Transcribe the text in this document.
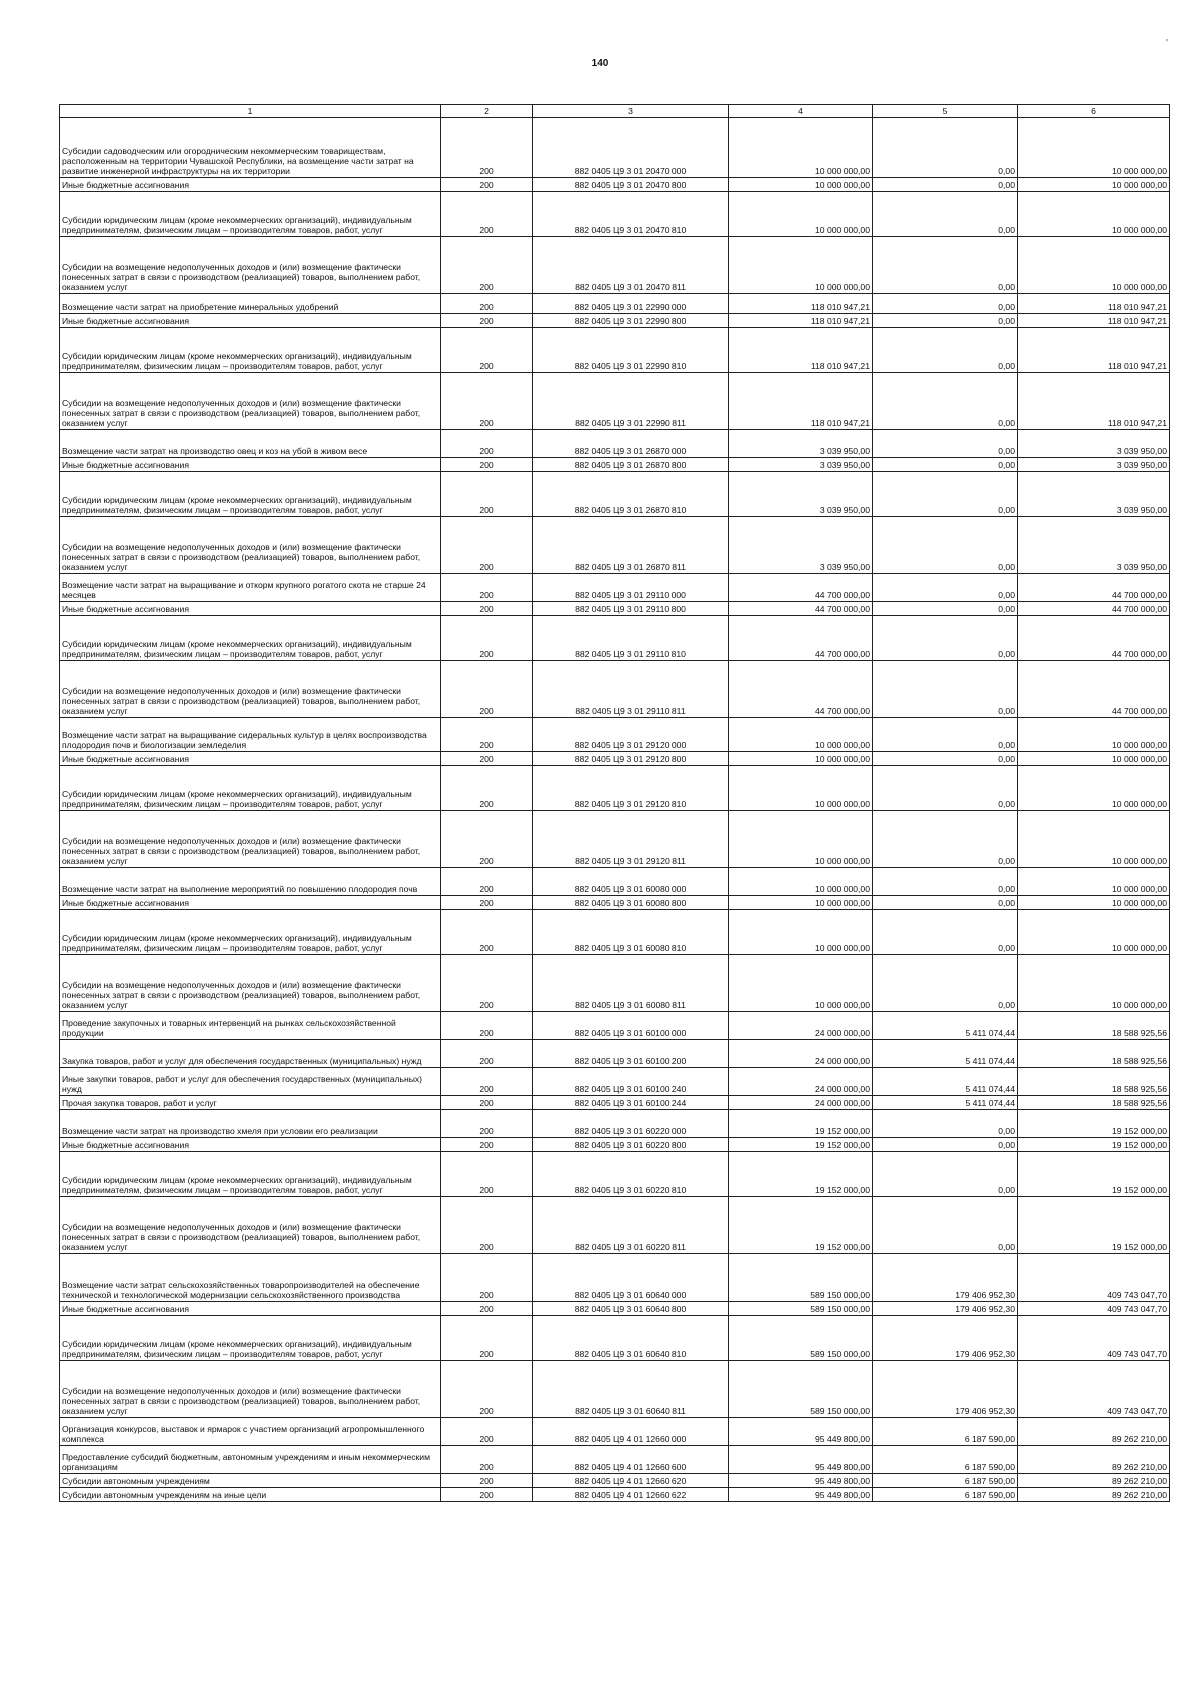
140
'
1	2	3	4	5	6
Субсидии садоводческим или огородническим некоммерческим товариществам, расположенным на территории Чувашской Республики, на возмещение части затрат на развитие инженерной инфраструктуры на их территории	200	882 0405 Ц9 3 01 20470 000	10 000 000,00	0,00	10 000 000,00
Иные бюджетные ассигнования	200	882 0405 Ц9 3 01 20470 800	10 000 000,00	0,00	10 000 000,00
Субсидии юридическим лицам (кроме некоммерческих организаций), индивидуальным предпринимателям, физическим лицам – производителям товаров, работ, услуг	200	882 0405 Ц9 3 01 20470 810	10 000 000,00	0,00	10 000 000,00
Субсидии на возмещение недополученных доходов и (или) возмещение фактически понесенных затрат в связи с производством (реализацией) товаров, выполнением работ, оказанием услуг	200	882 0405 Ц9 3 01 20470 811	10 000 000,00	0,00	10 000 000,00
Возмещение части затрат на приобретение минеральных удобрений	200	882 0405 Ц9 3 01 22990 000	118 010 947,21	0,00	118 010 947,21
Иные бюджетные ассигнования	200	882 0405 Ц9 3 01 22990 800	118 010 947,21	0,00	118 010 947,21
Субсидии юридическим лицам (кроме некоммерческих организаций), индивидуальным предпринимателям, физическим лицам – производителям товаров, работ, услуг	200	882 0405 Ц9 3 01 22990 810	118 010 947,21	0,00	118 010 947,21
Субсидии на возмещение недополученных доходов и (или) возмещение фактически понесенных затрат в связи с производством (реализацией) товаров, выполнением работ, оказанием услуг	200	882 0405 Ц9 3 01 22990 811	118 010 947,21	0,00	118 010 947,21
Возмещение части затрат на производство овец и коз на убой в живом весе	200	882 0405 Ц9 3 01 26870 000	3 039 950,00	0,00	3 039 950,00
Иные бюджетные ассигнования	200	882 0405 Ц9 3 01 26870 800	3 039 950,00	0,00	3 039 950,00
Субсидии юридическим лицам (кроме некоммерческих организаций), индивидуальным предпринимателям, физическим лицам – производителям товаров, работ, услуг	200	882 0405 Ц9 3 01 26870 810	3 039 950,00	0,00	3 039 950,00
Субсидии на возмещение недополученных доходов и (или) возмещение фактически понесенных затрат в связи с производством (реализацией) товаров, выполнением работ, оказанием услуг	200	882 0405 Ц9 3 01 26870 811	3 039 950,00	0,00	3 039 950,00
Возмещение части затрат на выращивание и откорм крупного рогатого скота не старше 24 месяцев	200	882 0405 Ц9 3 01 29110 000	44 700 000,00	0,00	44 700 000,00
Иные бюджетные ассигнования	200	882 0405 Ц9 3 01 29110 800	44 700 000,00	0,00	44 700 000,00
Субсидии юридическим лицам (кроме некоммерческих организаций), индивидуальным предпринимателям, физическим лицам – производителям товаров, работ, услуг	200	882 0405 Ц9 3 01 29110 810	44 700 000,00	0,00	44 700 000,00
Субсидии на возмещение недополученных доходов и (или) возмещение фактически понесенных затрат в связи с производством (реализацией) товаров, выполнением работ, оказанием услуг	200	882 0405 Ц9 3 01 29110 811	44 700 000,00	0,00	44 700 000,00
Возмещение части затрат на выращивание сидеральных культур в целях воспроизводства плодородия почв и биологизации земледелия	200	882 0405 Ц9 3 01 29120 000	10 000 000,00	0,00	10 000 000,00
Иные бюджетные ассигнования	200	882 0405 Ц9 3 01 29120 800	10 000 000,00	0,00	10 000 000,00
Субсидии юридическим лицам (кроме некоммерческих организаций), индивидуальным предпринимателям, физическим лицам – производителям товаров, работ, услуг	200	882 0405 Ц9 3 01 29120 810	10 000 000,00	0,00	10 000 000,00
Субсидии на возмещение недополученных доходов и (или) возмещение фактически понесенных затрат в связи с производством (реализацией) товаров, выполнением работ, оказанием услуг	200	882 0405 Ц9 3 01 29120 811	10 000 000,00	0,00	10 000 000,00
Возмещение части затрат на выполнение мероприятий по повышению плодородия почв	200	882 0405 Ц9 3 01 60080 000	10 000 000,00	0,00	10 000 000,00
Иные бюджетные ассигнования	200	882 0405 Ц9 3 01 60080 800	10 000 000,00	0,00	10 000 000,00
Субсидии юридическим лицам (кроме некоммерческих организаций), индивидуальным предпринимателям, физическим лицам – производителям товаров, работ, услуг	200	882 0405 Ц9 3 01 60080 810	10 000 000,00	0,00	10 000 000,00
Субсидии на возмещение недополученных доходов и (или) возмещение фактически понесенных затрат в связи с производством (реализацией) товаров, выполнением работ, оказанием услуг	200	882 0405 Ц9 3 01 60080 811	10 000 000,00	0,00	10 000 000,00
Проведение закупочных и товарных интервенций на рынках сельскохозяйственной продукции	200	882 0405 Ц9 3 01 60100 000	24 000 000,00	5 411 074,44	18 588 925,56
Закупка товаров, работ и услуг для обеспечения государственных (муниципальных) нужд	200	882 0405 Ц9 3 01 60100 200	24 000 000,00	5 411 074,44	18 588 925,56
Иные закупки товаров, работ и услуг для обеспечения государственных (муниципальных) нужд	200	882 0405 Ц9 3 01 60100 240	24 000 000,00	5 411 074,44	18 588 925,56
Прочая закупка товаров, работ и услуг	200	882 0405 Ц9 3 01 60100 244	24 000 000,00	5 411 074,44	18 588 925,56
Возмещение части затрат на производство хмеля при условии его реализации	200	882 0405 Ц9 3 01 60220 000	19 152 000,00	0,00	19 152 000,00
Иные бюджетные ассигнования	200	882 0405 Ц9 3 01 60220 800	19 152 000,00	0,00	19 152 000,00
Субсидии юридическим лицам (кроме некоммерческих организаций), индивидуальным предпринимателям, физическим лицам – производителям товаров, работ, услуг	200	882 0405 Ц9 3 01 60220 810	19 152 000,00	0,00	19 152 000,00
Субсидии на возмещение недополученных доходов и (или) возмещение фактически понесенных затрат в связи с производством (реализацией) товаров, выполнением работ, оказанием услуг	200	882 0405 Ц9 3 01 60220 811	19 152 000,00	0,00	19 152 000,00
Возмещение части затрат сельскохозяйственных товаропроизводителей на обеспечение технической и технологической модернизации сельскохозяйственного производства	200	882 0405 Ц9 3 01 60640 000	589 150 000,00	179 406 952,30	409 743 047,70
Иные бюджетные ассигнования	200	882 0405 Ц9 3 01 60640 800	589 150 000,00	179 406 952,30	409 743 047,70
Субсидии юридическим лицам (кроме некоммерческих организаций), индивидуальным предпринимателям, физическим лицам – производителям товаров, работ, услуг	200	882 0405 Ц9 3 01 60640 810	589 150 000,00	179 406 952,30	409 743 047,70
Субсидии на возмещение недополученных доходов и (или) возмещение фактически понесенных затрат в связи с производством (реализацией) товаров, выполнением работ, оказанием услуг	200	882 0405 Ц9 3 01 60640 811	589 150 000,00	179 406 952,30	409 743 047,70
Организация конкурсов, выставок и ярмарок с участием организаций агропромышленного комплекса	200	882 0405 Ц9 4 01 12660 000	95 449 800,00	6 187 590,00	89 262 210,00
Предоставление субсидий бюджетным, автономным учреждениям и иным некоммерческим организациям	200	882 0405 Ц9 4 01 12660 600	95 449 800,00	6 187 590,00	89 262 210,00
Субсидии автономным учреждениям	200	882 0405 Ц9 4 01 12660 620	95 449 800,00	6 187 590,00	89 262 210,00
Субсидии автономным учреждениям на иные цели	200	882 0405 Ц9 4 01 12660 622	95 449 800,00	6 187 590,00	89 262 210,00
